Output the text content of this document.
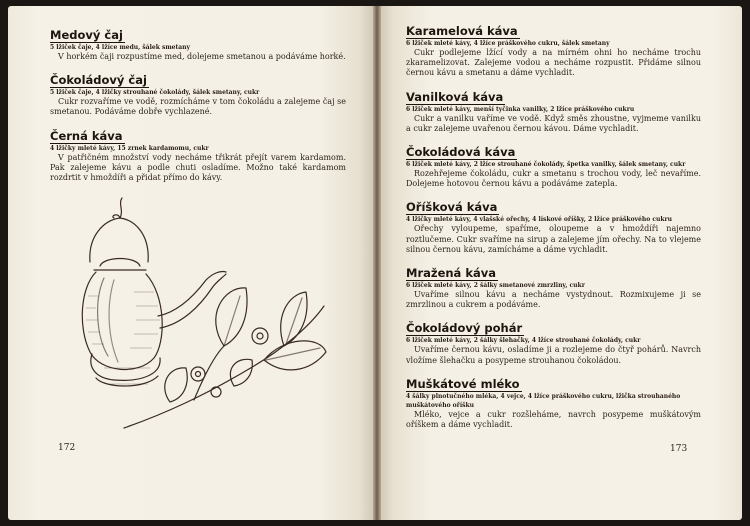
Medový čaj
5 lžiček čaje, 4 lžíce medu, šálek smetany
V horkém čaji rozpustíme med, dolejeme smetanou a podáváme horké.
Čokoládový čaj
5 lžiček čaje, 4 lžičky strouhané čokolády, šálek smetany, cukr
Cukr rozvaříme ve vodě, rozmícháme v tom čokoládu a zalejeme čaj se smetanou. Podáváme dobře vychlazené.
Černá káva
4 lžičky mleté kávy, 15 zrnek kardamomu, cukr
V patřičném množství vody necháme třikrát přejít varem kardamom. Pak zalejeme kávu a podle chuti osladíme. Možno také kardamom rozdrtit v hmoždíři a přidat přímo do kávy.
172
Karamelová káva
6 lžiček mleté kávy, 4 lžíce práškového cukru, šálek smetany
Cukr podlejeme lžící vody a na mírném ohni ho necháme trochu zkaramelizovat. Zalejeme vodou a necháme rozpustit. Přidáme silnou černou kávu a smetanu a dáme vychladit.
Vanilková káva
6 lžiček mleté kávy, menší tyčinka vanilky, 2 lžíce práškového cukru
Cukr a vanilku vaříme ve vodě. Když směs zhoustne, vyjmeme vanilku a cukr zalejeme uvařenou černou kávou. Dáme vychladit.
Čokoládová káva
6 lžiček mleté kávy, 2 lžíce strouhané čokolády, špetka vanilky, šálek smetany, cukr
Rozehřejeme čokoládu, cukr a smetanu s trochou vody, leč nevaříme. Dolejeme hotovou černou kávu a podáváme zatepla.
Oříšková káva
4 lžičky mleté kávy, 4 vlašské ořechy, 4 lískové oříšky, 2 lžíce práškového cukru
Ořechy vyloupeme, spaříme, oloupeme a v hmoždíři najemno roztlučeme. Cukr svaříme na sirup a zalejeme jím ořechy. Na to vlejeme silnou černou kávu, zamícháme a dáme vychladit.
Mražená káva
6 lžiček mleté kávy, 2 šálky smetanové zmrzliny, cukr
Uvaříme silnou kávu a necháme vystydnout. Rozmixujeme ji se zmrzlinou a cukrem a podáváme.
Čokoládový pohár
6 lžiček mleté kávy, 2 šálky šlehačky, 4 lžíce strouhané čokolády, cukr
Uvaříme černou kávu, osladíme ji a rozlejeme do čtyř pohárů. Navrch vložíme šlehačku a posypeme strouhanou čokoládou.
Muškátové mléko
4 šálky plnotučného mléka, 4 vejce, 4 lžíce práškového cukru, lžička strouhaného muškátového oříšku
Mléko, vejce a cukr rozšleháme, navrch posypeme muškátovým oříškem a dáme vychladit.
173
